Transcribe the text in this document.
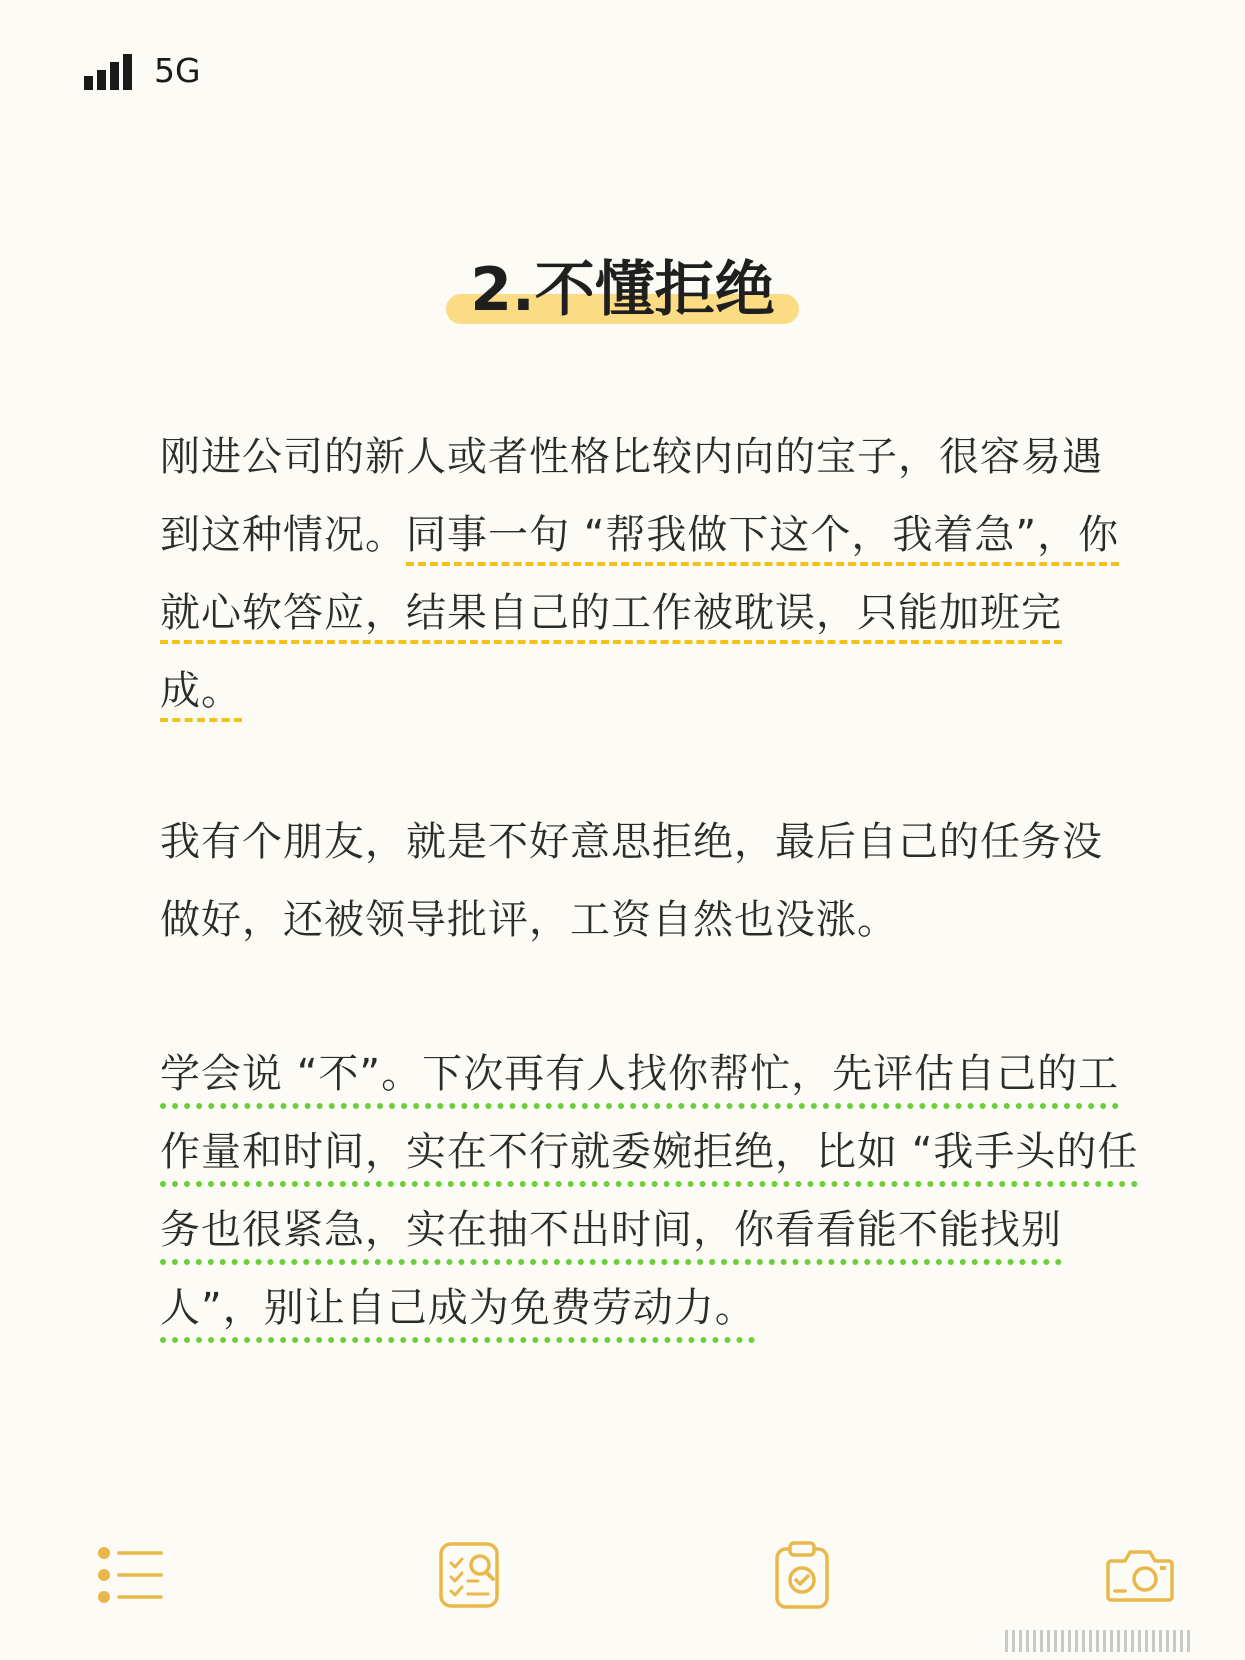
5G
2.不懂拒绝

刚进公司的新人或者性格比较内向的宝子，很容易遇到这种情况。同事一句 “帮我做下这个，我着急”，你就心软答应，结果自己的工作被耽误，只能加班完成。

我有个朋友，就是不好意思拒绝，最后自己的任务没做好，还被领导批评，工资自然也没涨。

学会说 “不”。下次再有人找你帮忙，先评估自己的工作量和时间，实在不行就委婉拒绝，比如 “我手头的任务也很紧急，实在抽不出时间，你看看能不能找别人”，别让自己成为免费劳动力。
